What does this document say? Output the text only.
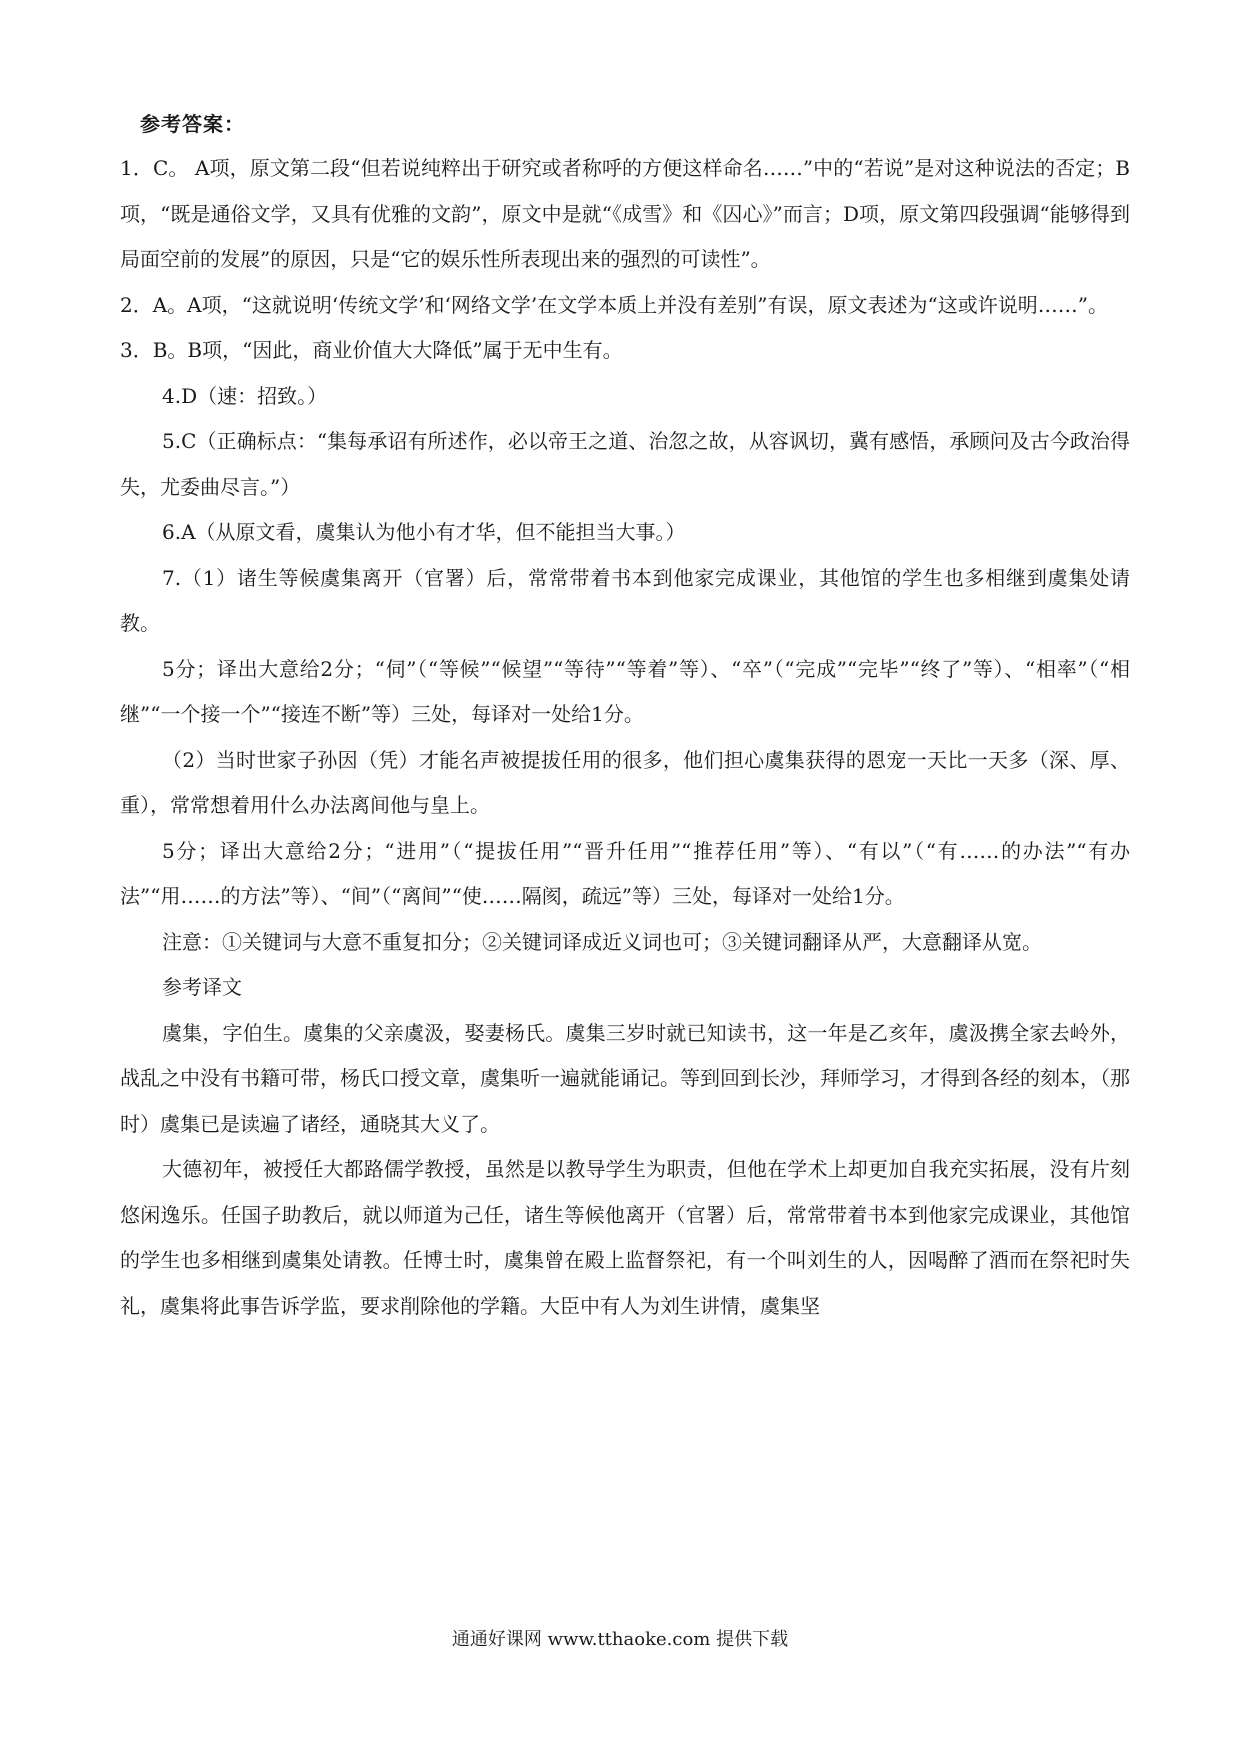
参考答案：

1．C。 A项，原文第二段“但若说纯粹出于研究或者称呼的方便这样命名……”中的“若说”是对这种说法的否定；B项，“既是通俗文学，又具有优雅的文韵”，原文中是就“《成雪》和《囚心》”而言；D项，原文第四段强调“能够得到局面空前的发展”的原因，只是“它的娱乐性所表现出来的强烈的可读性”。

2．A。A项，“这就说明‘传统文学’和‘网络文学’在文学本质上并没有差别”有误，原文表述为“这或许说明……”。

3．B。B项，“因此，商业价值大大降低”属于无中生有。

4.D（速：招致。）

5.C（正确标点：“集每承诏有所述作，必以帝王之道、治忽之故，从容讽切，冀有感悟，承顾问及古今政治得失，尤委曲尽言。”）

6.A（从原文看，虞集认为他小有才华，但不能担当大事。）

7.（1）诸生等候虞集离开（官署）后，常常带着书本到他家完成课业，其他馆的学生也多相继到虞集处请教。

5分；译出大意给2分；“伺”（“等候”“候望”“等待”“等着”等）、“卒”（“完成”“完毕”“终了”等）、“相率”（“相继”“一个接一个”“接连不断”等）三处，每译对一处给1分。

（2）当时世家子孙因（凭）才能名声被提拔任用的很多，他们担心虞集获得的恩宠一天比一天多（深、厚、重），常常想着用什么办法离间他与皇上。

5分；译出大意给2分；“进用”（“提拔任用”“晋升任用”“推荐任用”等）、“有以”（“有……的办法”“有办法”“用……的方法”等）、“间”（“离间”“使……隔阂，疏远”等）三处，每译对一处给1分。

注意：①关键词与大意不重复扣分；②关键词译成近义词也可；③关键词翻译从严，大意翻译从宽。

参考译文

虞集，字伯生。虞集的父亲虞汲，娶妻杨氏。虞集三岁时就已知读书，这一年是乙亥年，虞汲携全家去岭外，战乱之中没有书籍可带，杨氏口授文章，虞集听一遍就能诵记。等到回到长沙，拜师学习，才得到各经的刻本，（那时）虞集已是读遍了诸经，通晓其大义了。

大德初年，被授任大都路儒学教授，虽然是以教导学生为职责，但他在学术上却更加自我充实拓展，没有片刻悠闲逸乐。任国子助教后，就以师道为己任，诸生等候他离开（官署）后，常常带着书本到他家完成课业，其他馆的学生也多相继到虞集处请教。任博士时，虞集曾在殿上监督祭祀，有一个叫刘生的人，因喝醉了酒而在祭祀时失礼，虞集将此事告诉学监，要求削除他的学籍。大臣中有人为刘生讲情，虞集坚

通通好课网 www.tthaoke.com 提供下载
